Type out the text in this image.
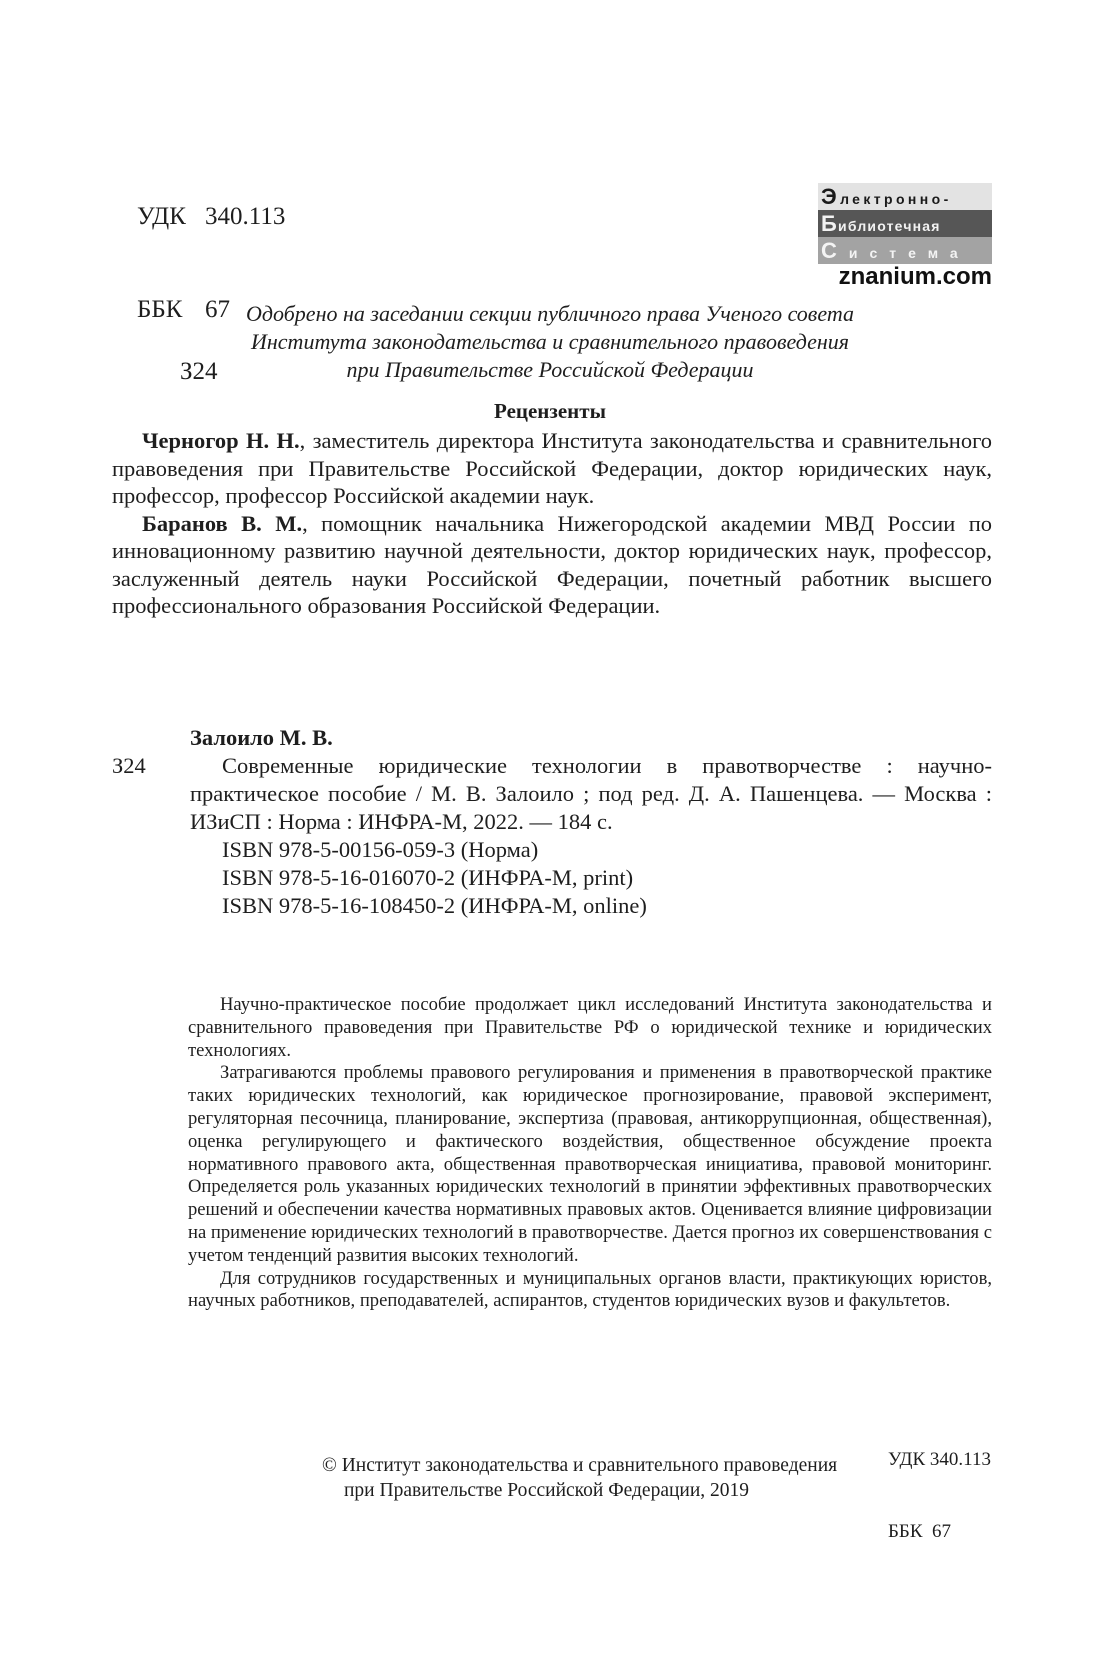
УДК 340.113

ББК 67

З24
Электронно-
Библиотечная
Система
znanium.com
Одобрено на заседании секции публичного права Ученого совета
Института законодательства и сравнительного правоведения
при Правительстве Российской Федерации
Рецензенты

Черногор Н. Н., заместитель директора Института законодательства и сравнительного правоведения при Правительстве Российской Федерации, доктор юридических наук, профессор, профессор Российской академии наук.

Баранов В. М., помощник начальника Нижегородской академии МВД России по инновационному развитию научной деятельности, доктор юридических наук, профессор, заслуженный деятель науки Российской Федерации, почетный работник высшего профессионального образования Российской Федерации.

Залоило М. В.
З24	Современные юридические технологии в правотворчестве : научно-практическое пособие / М. В. Залоило ; под ред. Д. А. Пашенцева. — Москва : ИЗиСП : Норма : ИНФРА-М, 2022. — 184 с.

ISBN 978-5-00156-059-3 (Норма)

ISBN 978-5-16-016070-2 (ИНФРА-М, print)

ISBN 978-5-16-108450-2 (ИНФРА-М, online)

Научно-практическое пособие продолжает цикл исследований Института законодательства и сравнительного правоведения при Правительстве РФ о юридической технике и юридических технологиях.

Затрагиваются проблемы правового регулирования и применения в правотворческой практике таких юридических технологий, как юридическое прогнозирование, правовой эксперимент, регуляторная песочница, планирование, экспертиза (правовая, антикоррупционная, общественная), оценка регулирующего и фактического воздействия, общественное обсуждение проекта нормативного правового акта, общественная правотворческая инициатива, правовой мониторинг. Определяется роль указанных юридических технологий в принятии эффективных правотворческих решений и обеспечении качества нормативных правовых актов. Оценивается влияние цифровизации на применение юридических технологий в правотворчестве. Дается прогноз их совершенствования с учетом тенденций развития высоких технологий.

Для сотрудников государственных и муниципальных органов власти, практикующих юристов, научных работников, преподавателей, аспирантов, студентов юридических вузов и факультетов.

УДК 340.113

ББК  67

© Институт законодательства и сравнительного правоведения
при Правительстве Российской Федерации, 2019
